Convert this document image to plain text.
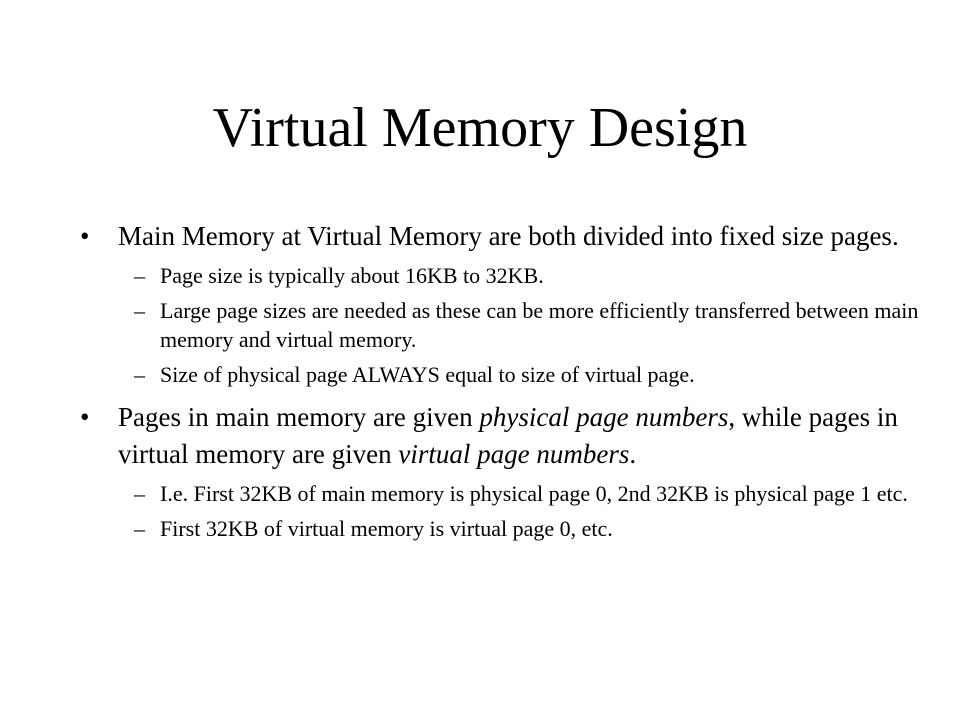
Virtual Memory Design
• Main Memory at Virtual Memory are both divided into fixed size pages.
– Page size is typically about 16KB to 32KB.
– Large page sizes are needed as these can be more efficiently transferred between main memory and virtual memory.
– Size of physical page ALWAYS equal to size of virtual page.
• Pages in main memory are given physical page numbers, while pages in virtual memory are given virtual page numbers.
– I.e. First 32KB of main memory is physical page 0, 2nd 32KB is physical page 1 etc.
– First 32KB of virtual memory is virtual page 0, etc.
